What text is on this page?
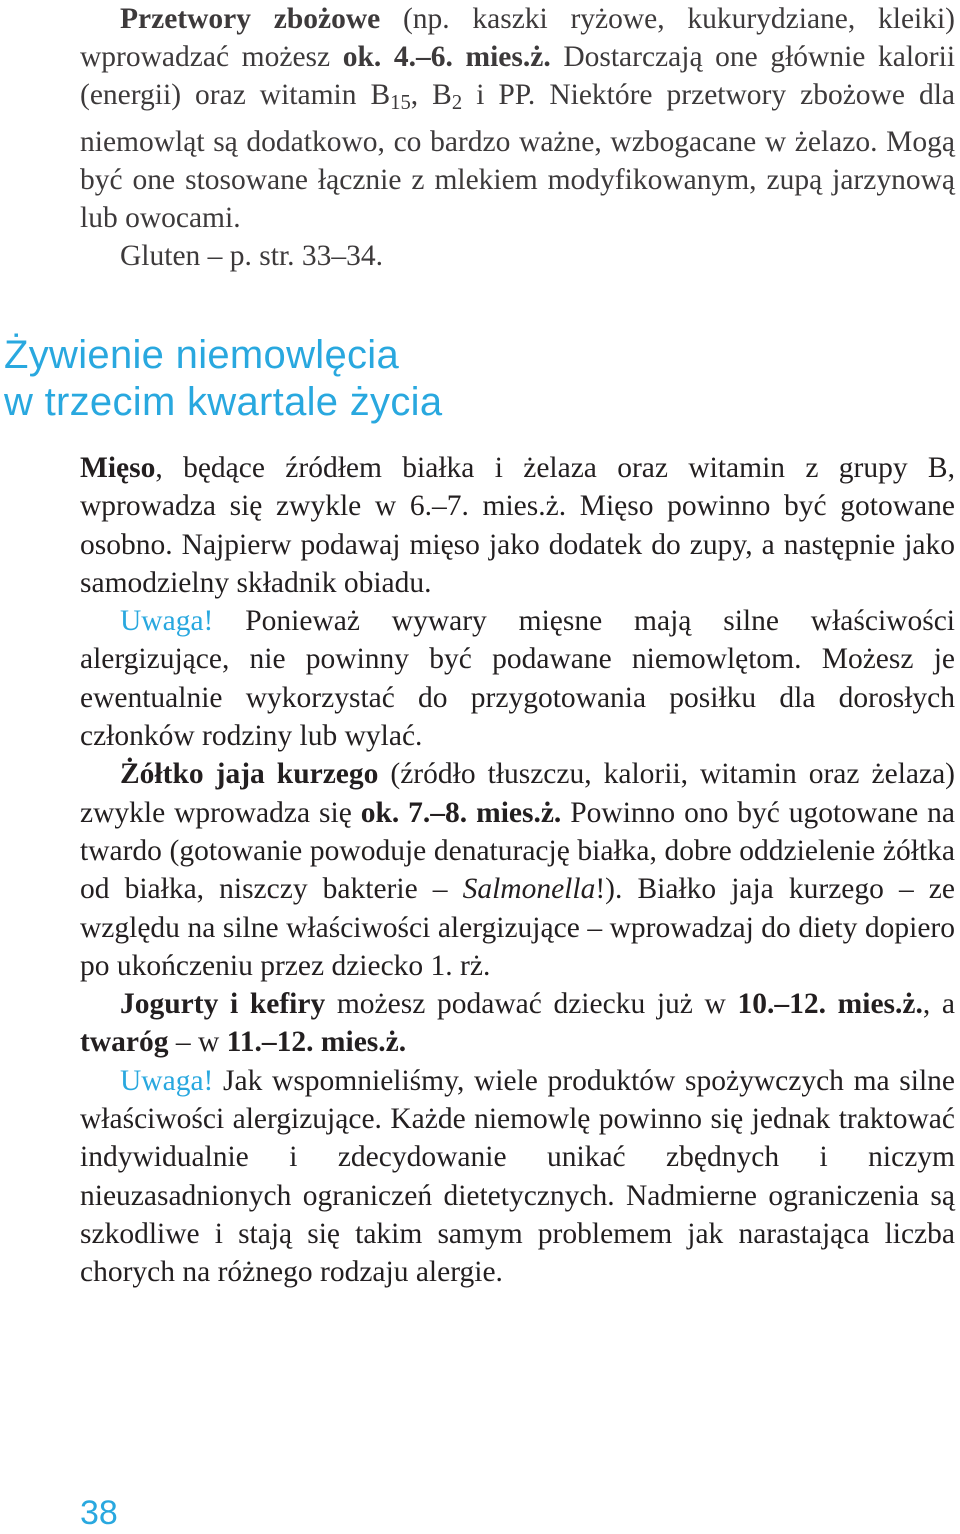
Przetwory zbożowe (np. kaszki ryżowe, kukurydziane, kleiki) wprowadzać możesz ok. 4.–6. mies.ż. Dostarczają one głównie kalorii (energii) oraz witamin $B_{15}$, $B_2$ i PP. Niektóre przetwory zbożowe dla niemowląt są dodatkowo, co bardzo ważne, wzbogacane w żelazo. Mogą być one stosowane łącznie z mlekiem modyfikowanym, zupą jarzynową lub owocami.
Gluten – p. str. 33–34.
Żywienie niemowlęcia
w trzecim kwartale życia
Mięso, będące źródłem białka i żelaza oraz witamin z grupy B, wprowadza się zwykle w 6.–7. mies.ż. Mięso powinno być gotowane osobno. Najpierw podawaj mięso jako dodatek do zupy, a następnie jako samodzielny składnik obiadu.
Uwaga! Ponieważ wywary mięsne mają silne właściwości alergizujące, nie powinny być podawane niemowlętom. Możesz je ewentualnie wykorzystać do przygotowania posiłku dla dorosłych członków rodziny lub wylać.
Żółtko jaja kurzego (źródło tłuszczu, kalorii, witamin oraz żelaza) zwykle wprowadza się ok. 7.–8. mies.ż. Powinno ono być ugotowane na twardo (gotowanie powoduje denaturację białka, dobre oddzielenie żółtka od białka, niszczy bakterie – Salmonella!). Białko jaja kurzego – ze względu na silne właściwości alergizujące – wprowadzaj do diety dopiero po ukończeniu przez dziecko 1. rż.
Jogurty i kefiry możesz podawać dziecku już w 10.–12. mies.ż., a twaróg – w 11.–12. mies.ż.
Uwaga! Jak wspomnieliśmy, wiele produktów spożywczych ma silne właściwości alergizujące. Każde niemowlę powinno się jednak traktować indywidualnie i zdecydowanie unikać zbędnych i niczym nieuzasadnionych ograniczeń dietetycznych. Nadmierne ograniczenia są szkodliwe i stają się takim samym problemem jak narastająca liczba chorych na różnego rodzaju alergie.
38
